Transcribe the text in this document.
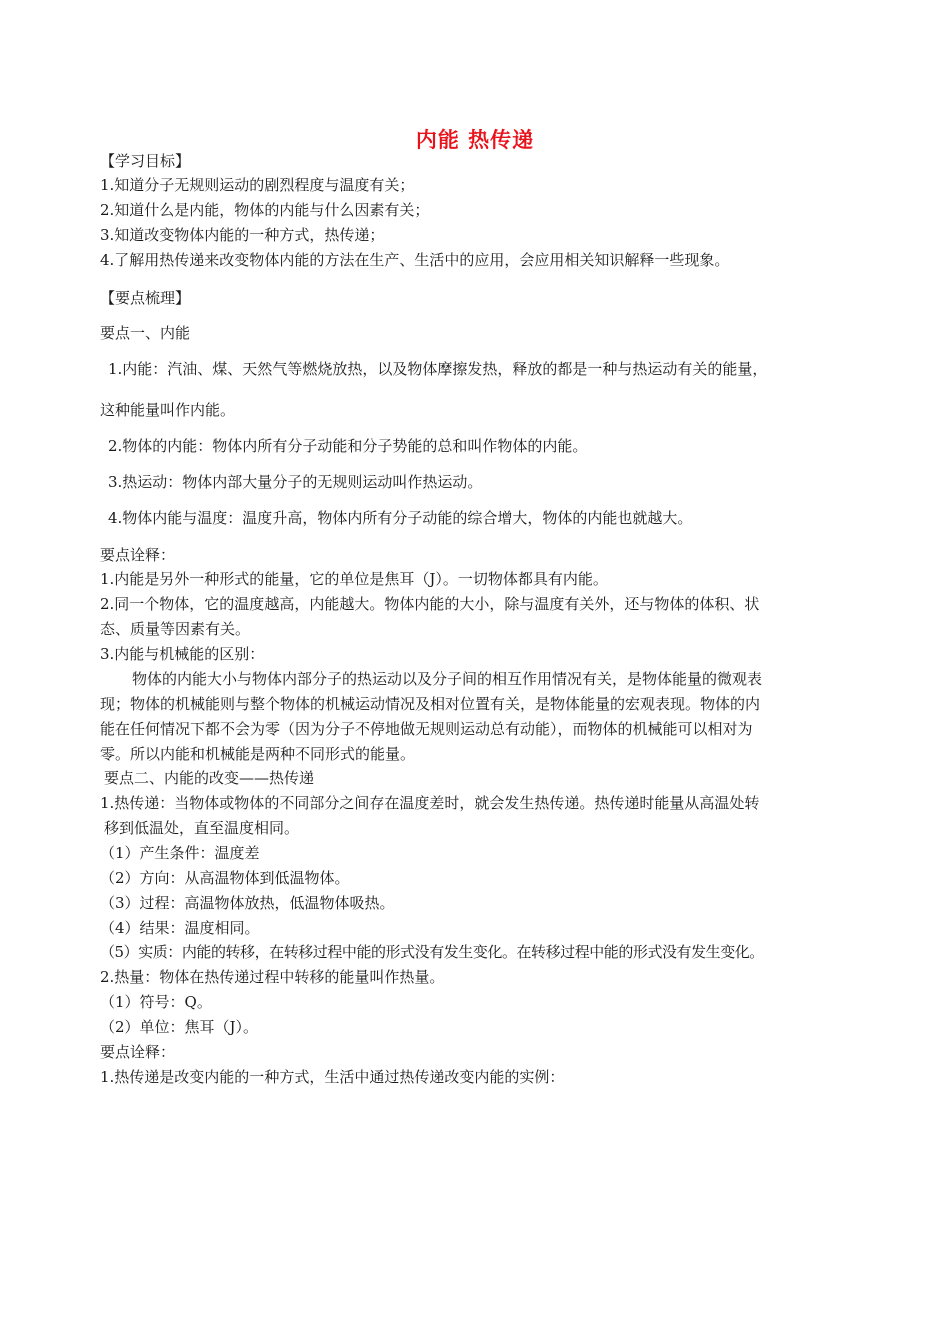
内能 热传递
【学习目标】
1.知道分子无规则运动的剧烈程度与温度有关；
2.知道什么是内能，物体的内能与什么因素有关；
3.知道改变物体内能的一种方式，热传递；
4.了解用热传递来改变物体内能的方法在生产、生活中的应用，会应用相关知识解释一些现象。
【要点梳理】
要点一、内能
1.内能：汽油、煤、天然气等燃烧放热，以及物体摩擦发热，释放的都是一种与热运动有关的能量，
这种能量叫作内能。
2.物体的内能：物体内所有分子动能和分子势能的总和叫作物体的内能。
3.热运动：物体内部大量分子的无规则运动叫作热运动。
4.物体内能与温度：温度升高，物体内所有分子动能的综合增大，物体的内能也就越大。
要点诠释：
1.内能是另外一种形式的能量，它的单位是焦耳（J）。一切物体都具有内能。
2.同一个物体，它的温度越高，内能越大。物体内能的大小，除与温度有关外，还与物体的体积、状
态、质量等因素有关。
3.内能与机械能的区别：
物体的内能大小与物体内部分子的热运动以及分子间的相互作用情况有关，是物体能量的微观表
现；物体的机械能则与整个物体的机械运动情况及相对位置有关，是物体能量的宏观表现。物体的内
能在任何情况下都不会为零（因为分子不停地做无规则运动总有动能），而物体的机械能可以相对为
零。所以内能和机械能是两种不同形式的能量。
要点二、内能的改变——热传递
1.热传递：当物体或物体的不同部分之间存在温度差时，就会发生热传递。热传递时能量从高温处转
移到低温处，直至温度相同。
（1）产生条件：温度差
（2）方向：从高温物体到低温物体。
（3）过程：高温物体放热，低温物体吸热。
（4）结果：温度相同。
（5）实质：内能的转移，在转移过程中能的形式没有发生变化。在转移过程中能的形式没有发生变化。
2.热量：物体在热传递过程中转移的能量叫作热量。
（1）符号：Q。
（2）单位：焦耳（J）。
要点诠释：
1.热传递是改变内能的一种方式，生活中通过热传递改变内能的实例：
